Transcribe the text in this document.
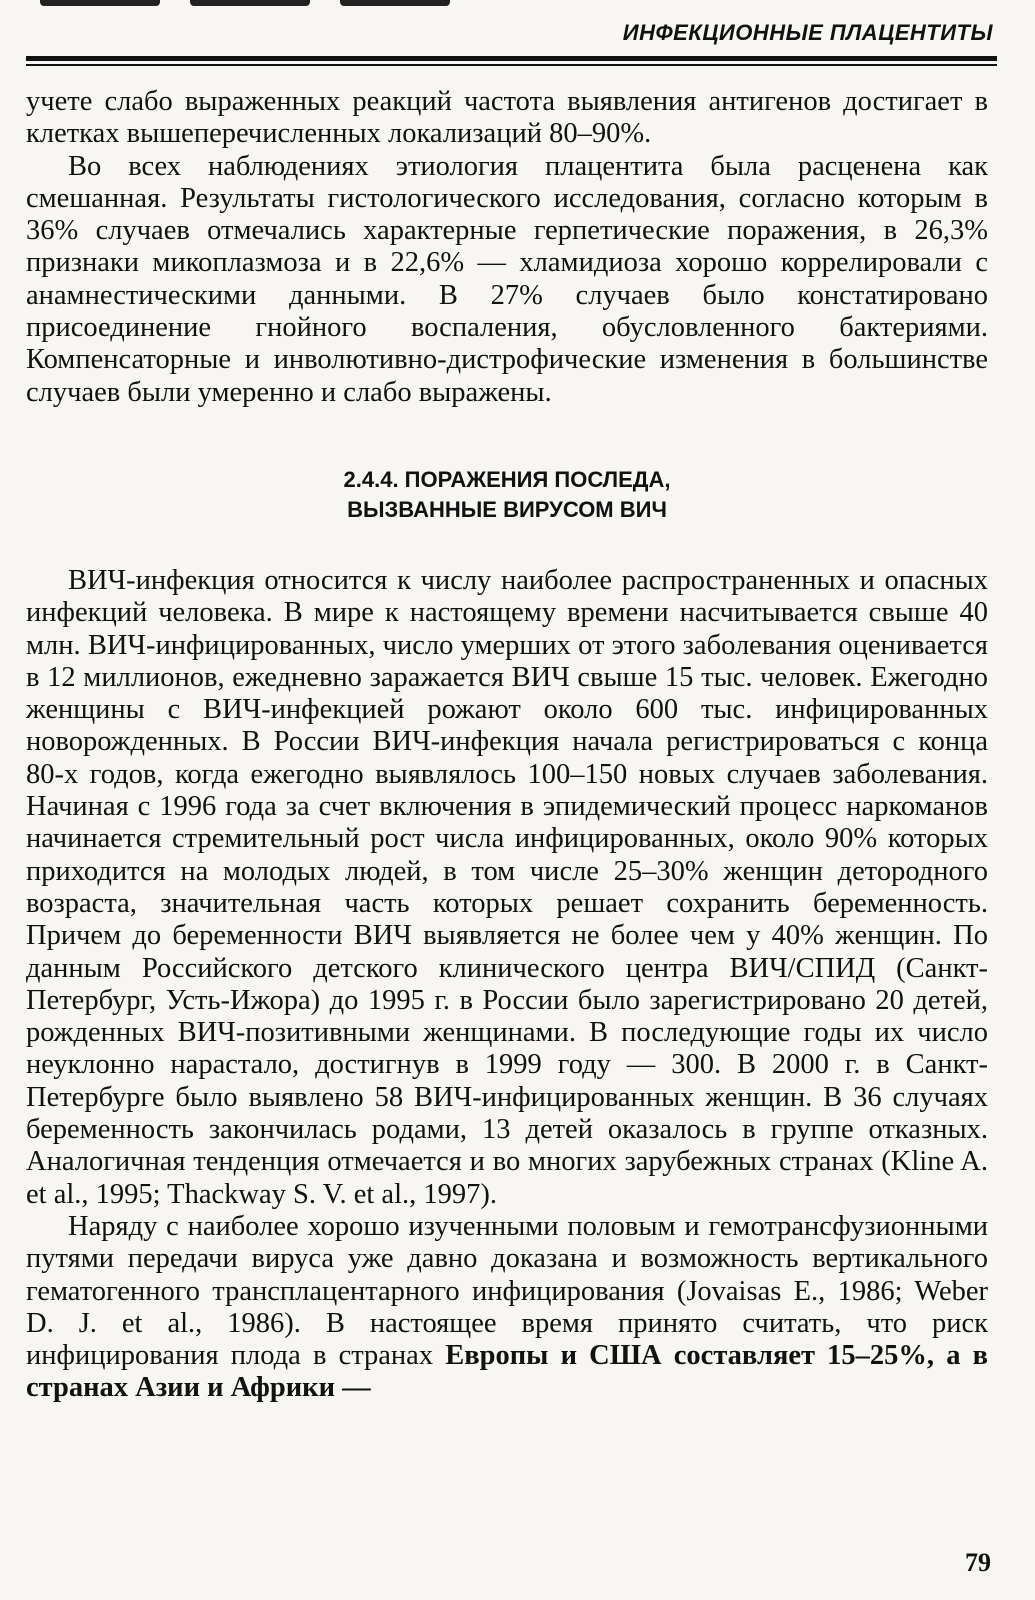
ИНФЕКЦИОННЫЕ ПЛАЦЕНТИТЫ

учете слабо выраженных реакций частота выявления антигенов достигает в клетках вышеперечисленных локализаций 80–90%.

Во всех наблюдениях этиология плацентита была расценена как смешанная. Результаты гистологического исследования, согласно которым в 36% случаев отмечались характерные герпетические поражения, в 26,3% признаки микоплазмоза и в 22,6% — хламидиоза хорошо коррелировали с анамнестическими данными. В 27% случаев было констатировано присоединение гнойного воспаления, обусловленного бактериями. Компенсаторные и инволютивно-дистрофические изменения в большинстве случаев были умеренно и слабо выражены.

2.4.4. ПОРАЖЕНИЯ ПОСЛЕДА,
ВЫЗВАННЫЕ ВИРУСОМ ВИЧ

ВИЧ-инфекция относится к числу наиболее распространенных и опасных инфекций человека. В мире к настоящему времени насчитывается свыше 40 млн. ВИЧ-инфицированных, число умерших от этого заболевания оценивается в 12 миллионов, ежедневно заражается ВИЧ свыше 15 тыс. человек. Ежегодно женщины с ВИЧ-инфекцией рожают около 600 тыс. инфицированных новорожденных. В России ВИЧ-инфекция начала регистрироваться с конца 80-х годов, когда ежегодно выявлялось 100–150 новых случаев заболевания. Начиная с 1996 года за счет включения в эпидемический процесс наркоманов начинается стремительный рост числа инфицированных, около 90% которых приходится на молодых людей, в том числе 25–30% женщин детородного возраста, значительная часть которых решает сохранить беременность. Причем до беременности ВИЧ выявляется не более чем у 40% женщин. По данным Российского детского клинического центра ВИЧ/СПИД (Санкт-Петербург, Усть-Ижора) до 1995 г. в России было зарегистрировано 20 детей, рожденных ВИЧ-позитивными женщинами. В последующие годы их число неуклонно нарастало, достигнув в 1999 году — 300. В 2000 г. в Санкт-Петербурге было выявлено 58 ВИЧ-инфицированных женщин. В 36 случаях беременность закончилась родами, 13 детей оказалось в группе отказных. Аналогичная тенденция отмечается и во многих зарубежных странах (Kline A. et al., 1995; Thackway S. V. et al., 1997).

Наряду с наиболее хорошо изученными половым и гемотрансфузионными путями передачи вируса уже давно доказана и возможность вертикального гематогенного трансплацентарного инфицирования (Jovaisas E., 1986; Weber D. J. et al., 1986). В настоящее время принято считать, что риск инфицирования плода в странах Европы и США составляет 15–25%, а в странах Азии и Африки —

79
